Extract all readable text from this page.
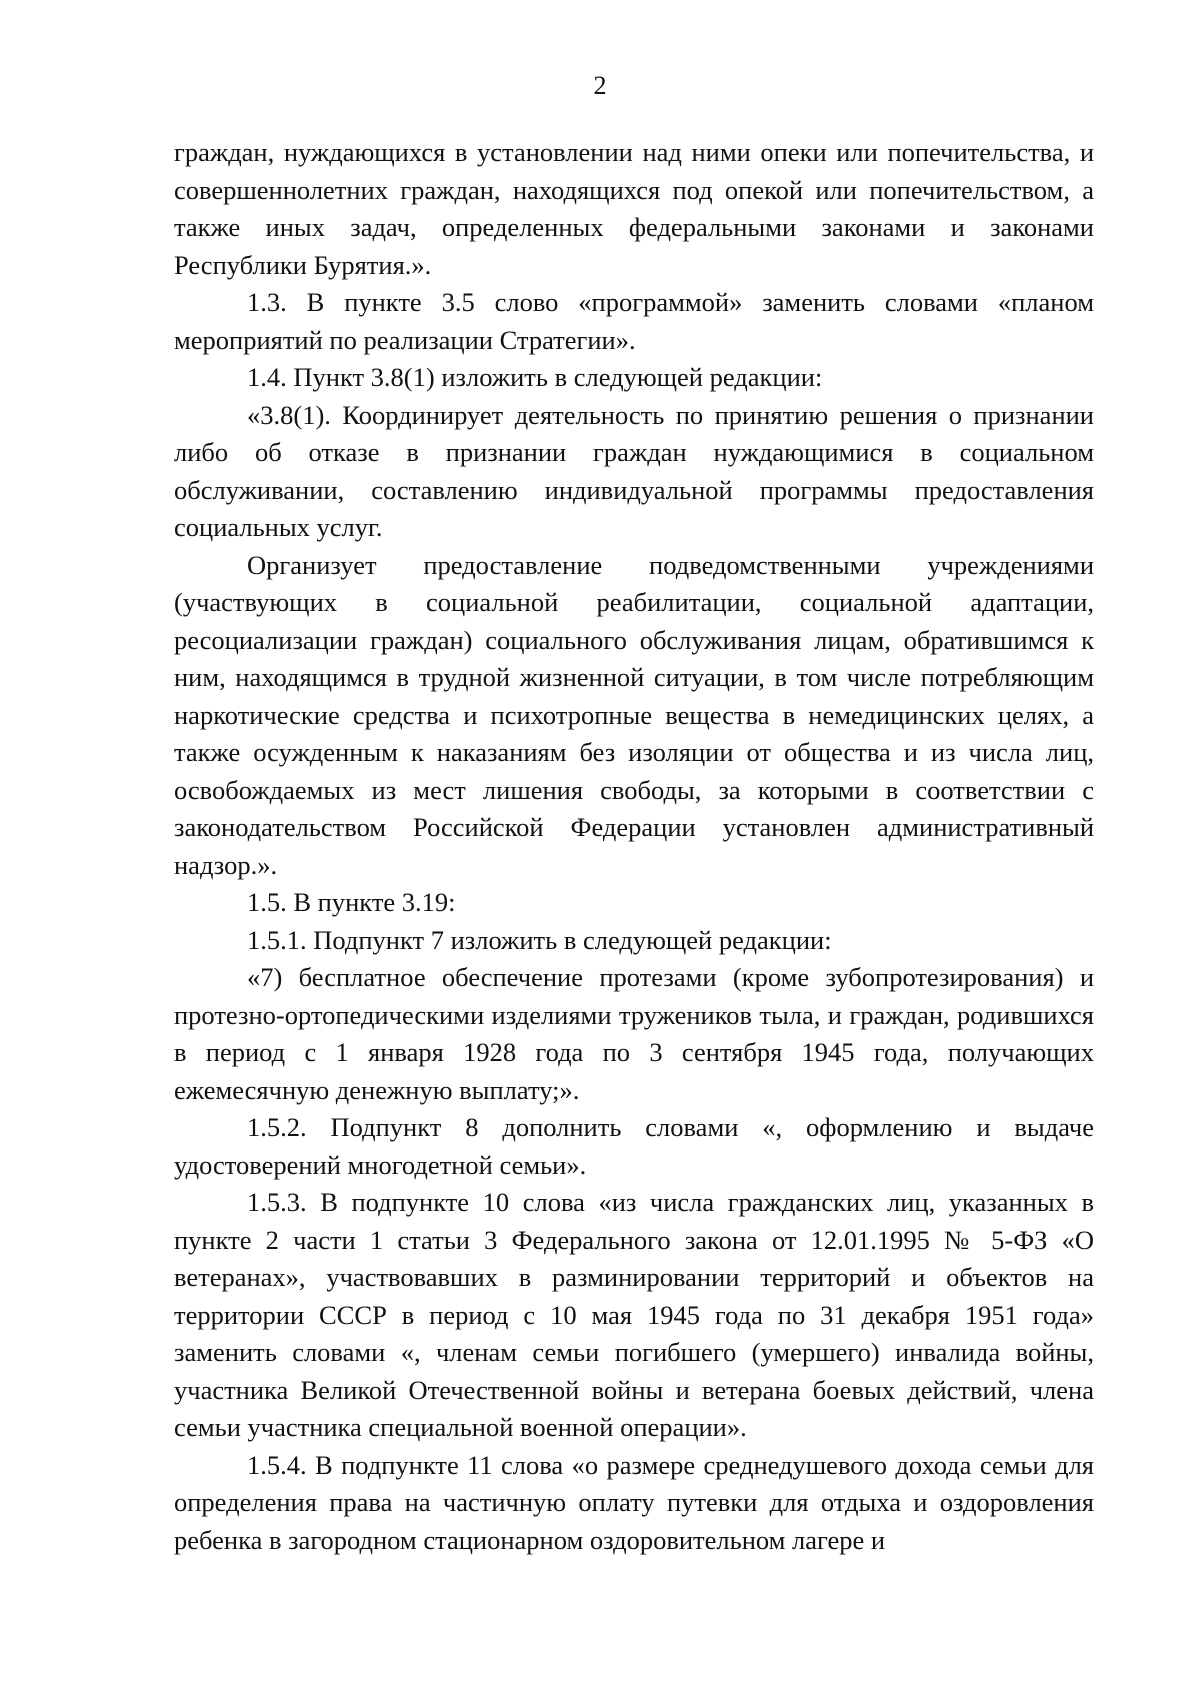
2

граждан, нуждающихся в установлении над ними опеки или попечительства, и совершеннолетних граждан, находящихся под опекой или попечительством, а также иных задач, определенных федеральными законами и законами Республики Бурятия.».

1.3. В пункте 3.5 слово «программой» заменить словами «планом мероприятий по реализации Стратегии».

1.4. Пункт 3.8(1) изложить в следующей редакции:

«3.8(1). Координирует деятельность по принятию решения о признании либо об отказе в признании граждан нуждающимися в социальном обслуживании, составлению индивидуальной программы предоставления социальных услуг.

Организует предоставление подведомственными учреждениями (участвующих в социальной реабилитации, социальной адаптации, ресоциализации граждан) социального обслуживания лицам, обратившимся к ним, находящимся в трудной жизненной ситуации, в том числе потребляющим наркотические средства и психотропные вещества в немедицинских целях, а также осужденным к наказаниям без изоляции от общества и из числа лиц, освобождаемых из мест лишения свободы, за которыми в соответствии с законодательством Российской Федерации установлен административный надзор.».

1.5. В пункте 3.19:

1.5.1. Подпункт 7 изложить в следующей редакции:

«7) бесплатное обеспечение протезами (кроме зубопротезирования) и протезно-ортопедическими изделиями тружеников тыла, и граждан, родившихся в период с 1 января 1928 года по 3 сентября 1945 года, получающих ежемесячную денежную выплату;».

1.5.2. Подпункт 8 дополнить словами «, оформлению и выдаче удостоверений многодетной семьи».

1.5.3. В подпункте 10 слова «из числа гражданских лиц, указанных в пункте 2 части 1 статьи 3 Федерального закона от 12.01.1995 № 5-ФЗ «О ветеранах», участвовавших в разминировании территорий и объектов на территории СССР в период с 10 мая 1945 года по 31 декабря 1951 года» заменить словами «, членам семьи погибшего (умершего) инвалида войны, участника Великой Отечественной войны и ветерана боевых действий, члена семьи участника специальной военной операции».

1.5.4. В подпункте 11 слова «о размере среднедушевого дохода семьи для определения права на частичную оплату путевки для отдыха и оздоровления ребенка в загородном стационарном оздоровительном лагере и
